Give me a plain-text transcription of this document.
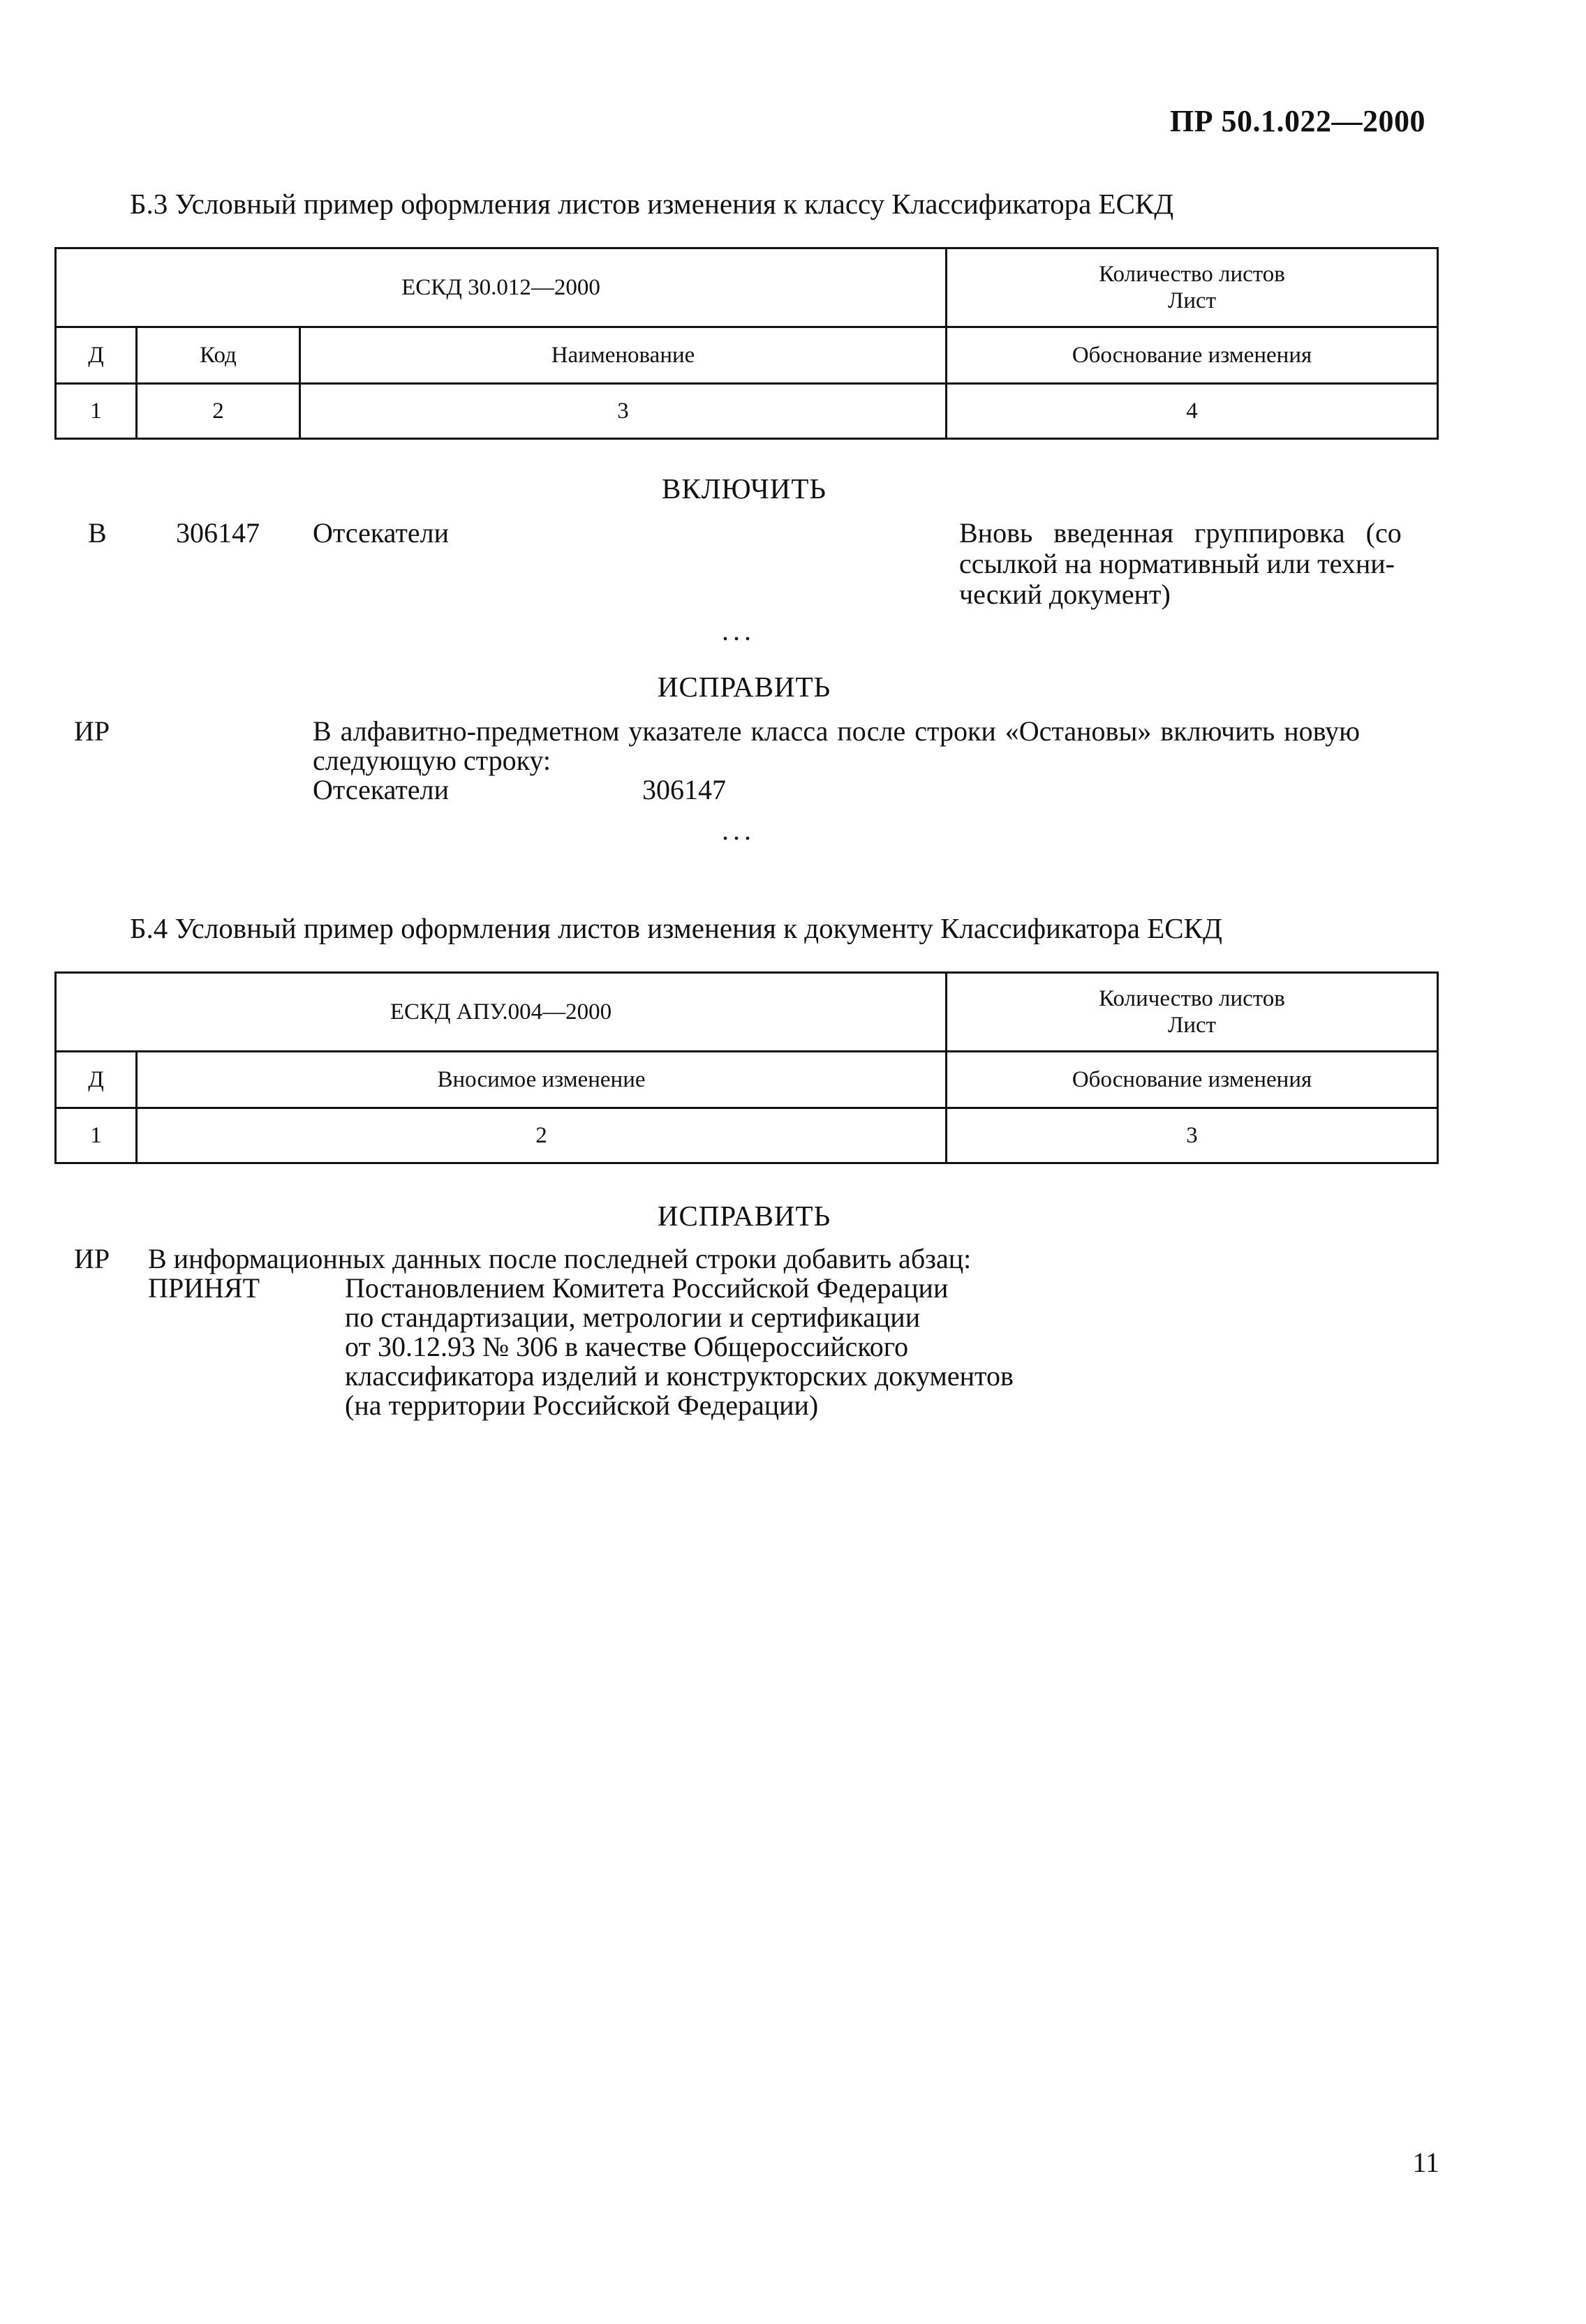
ПР 50.1.022—2000
Б.3 Условный пример оформления листов изменения к классу Классификатора ЕСКД
ЕСКД 30.012—2000			Количество листов
Лист

Д	Код	Наименование	Обоснование изменения
1	2	3	4
ВКЛЮЧИТЬ
В 306147 Отсекатели	Вновь   введенная   группировка   (со
ссылкой на нормативный или техни-
ческий документ)
...
ИСПРАВИТЬ
ИР	В алфавитно-предметном указателе класса после строки «Остановы» включить новую
следующую строку:
Отсекатели	306147
...
Б.4 Условный пример оформления листов изменения к документу Классификатора ЕСКД
ЕСКД АПУ.004—2000		Количество листов
Лист

Д	Вносимое изменение	Обоснование изменения
1	2	3
ИСПРАВИТЬ
ИР В информационных данных после последней строки добавить абзац:
ПРИНЯТ	Постановлением Комитета Российской Федерации
по стандартизации, метрологии и сертификации
от 30.12.93 № 306 в качестве Общероссийского
классификатора изделий и конструкторских документов
(на территории Российской Федерации)
11
